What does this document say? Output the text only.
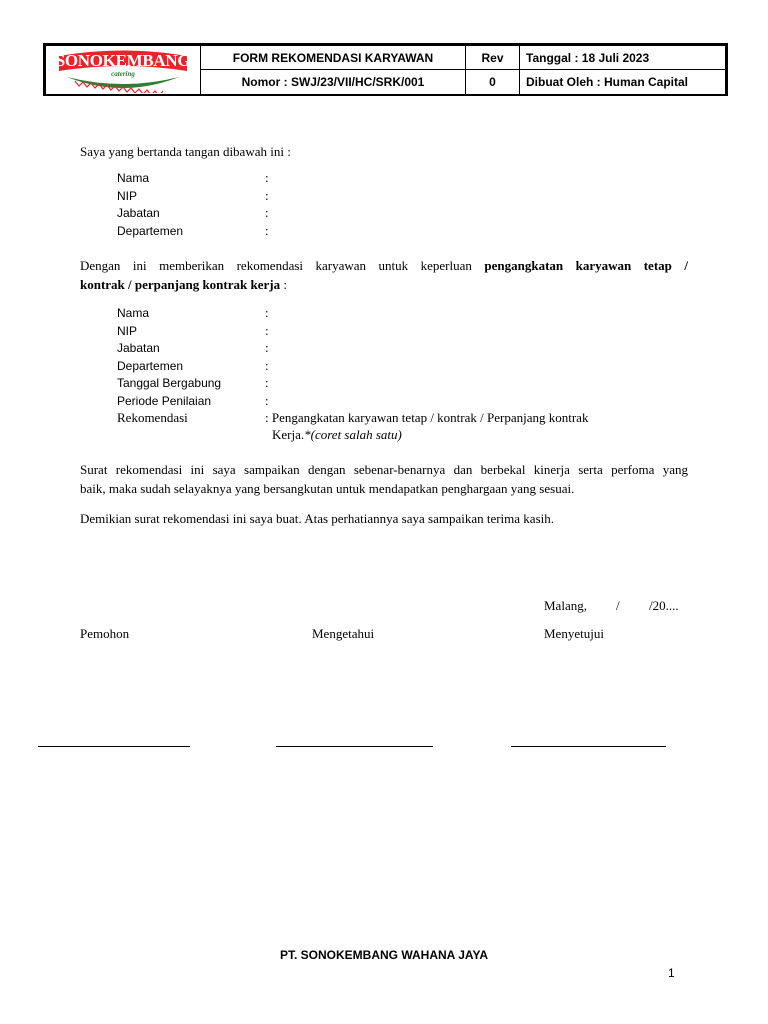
SONOKEMBANG
catering	FORM REKOMENDASI KARYAWAN	Rev	Tanggal : 18 Juli 2023
	Nomor : SWJ/23/VII/HC/SRK/001	0	Dibuat Oleh : Human Capital
Saya yang bertanda tangan dibawah ini :
Nama	:
NIP	:
Jabatan	:
Departemen	:
Dengan ini memberikan rekomendasi karyawan untuk keperluan pengangkatan karyawan tetap /
kontrak / perpanjang kontrak kerja :
Nama	:
NIP	:
Jabatan	:
Departemen	:
Tanggal Bergabung	:
Periode Penilaian	:
Rekomendasi	: Pengangkatan karyawan tetap / kontrak / Perpanjang kontrak
Kerja.*(coret salah satu)
Surat rekomendasi ini saya sampaikan dengan sebenar-benarnya dan berbekal kinerja serta perfoma yang
baik, maka sudah selayaknya yang bersangkutan untuk mendapatkan penghargaan yang sesuai.
Demikian surat rekomendasi ini saya buat. Atas perhatiannya saya sampaikan terima kasih.
Malang, / /20....
Pemohon	Mengetahui	Menyetujui
PT. SONOKEMBANG WAHANA JAYA
1
